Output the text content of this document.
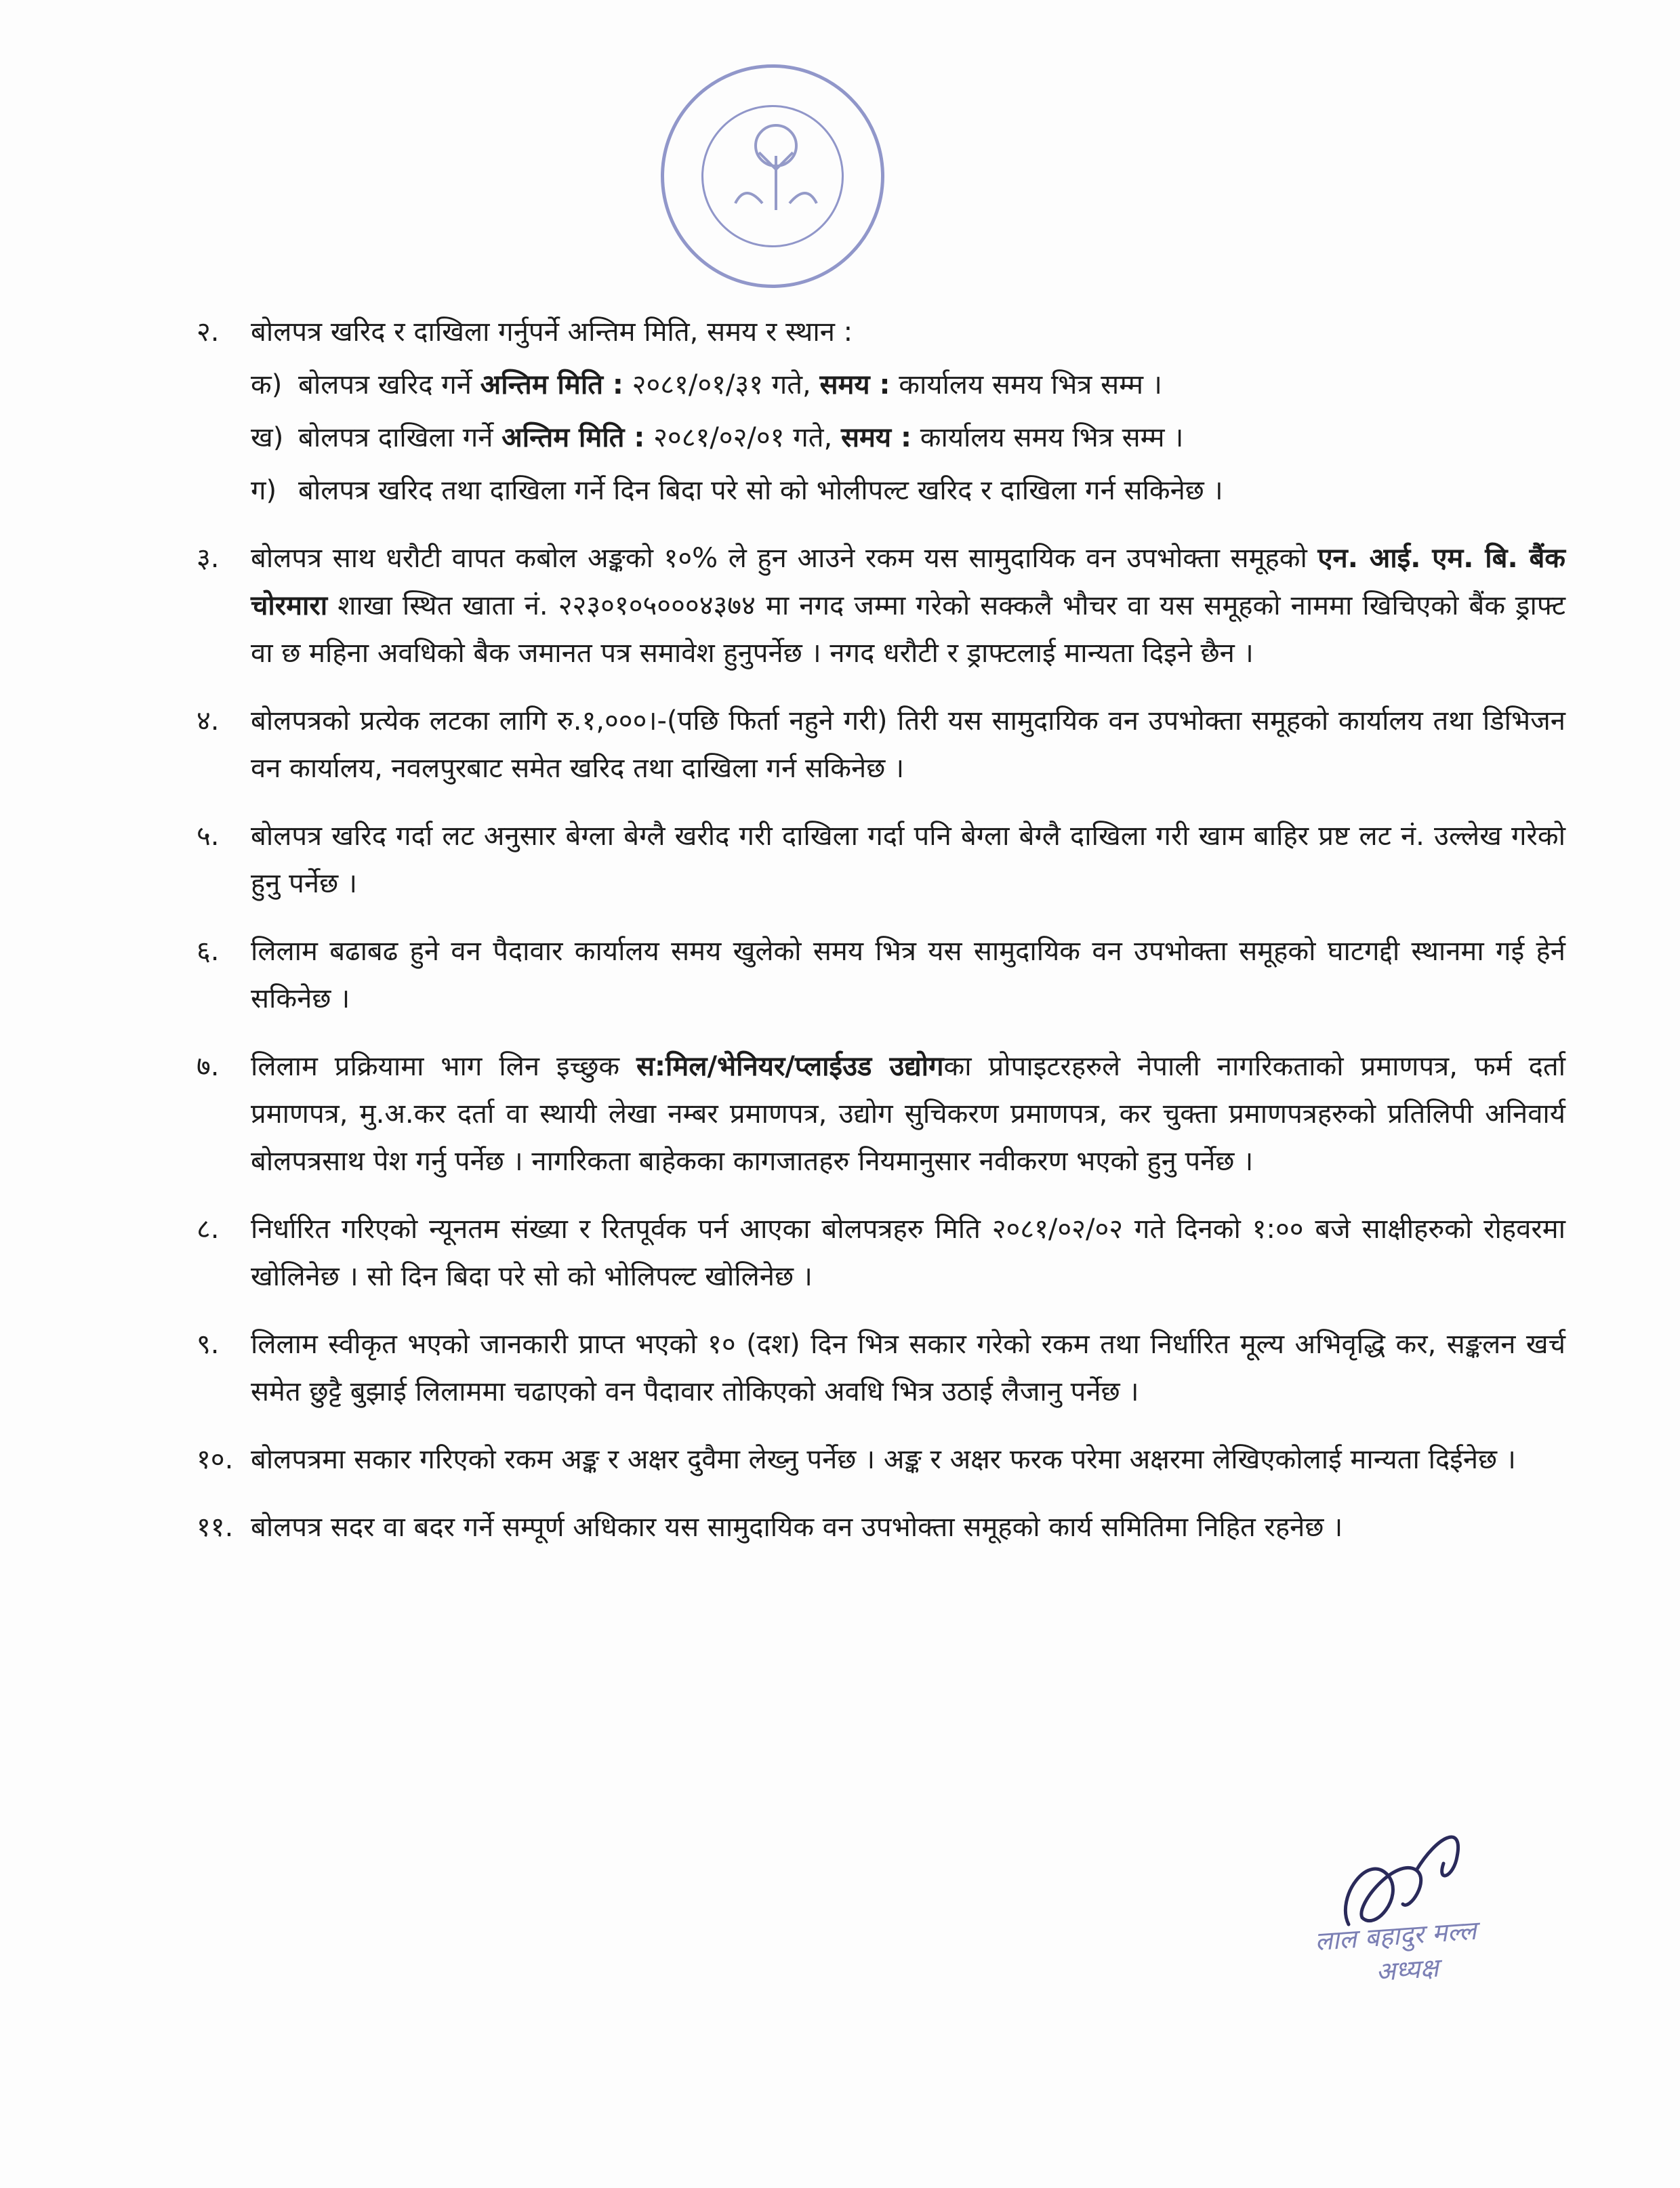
२.	बोलपत्र खरिद र दाखिला गर्नुपर्ने अन्तिम मिति, समय र स्थान :
क) बोलपत्र खरिद गर्ने अन्तिम मिति : २०८१/०१/३१ गते, समय : कार्यालय समय भित्र सम्म ।
ख) बोलपत्र दाखिला गर्ने अन्तिम मिति : २०८१/०२/०१ गते, समय : कार्यालय समय भित्र सम्म ।
ग) बोलपत्र खरिद तथा दाखिला गर्ने दिन बिदा परे सो को भोलीपल्ट खरिद र दाखिला गर्न सकिनेछ ।
३.	बोलपत्र साथ धरौटी वापत कबोल अङ्कको १०% ले हुन आउने रकम यस सामुदायिक वन उपभोक्ता समूहको एन. आई. एम. बि. बैंक चोरमारा शाखा स्थित खाता नं. २२३०१०५०००४३७४ मा नगद जम्मा गरेको सक्कलै भौचर वा यस समूहको नाममा खिचिएको बैंक ड्राफ्ट वा छ महिना अवधिको बैक जमानत पत्र समावेश हुनुपर्नेछ । नगद धरौटी र ड्राफ्टलाई मान्यता दिइने छैन ।
४.	बोलपत्रको प्रत्येक लटका लागि रु.१,०००।-(पछि फिर्ता नहुने गरी) तिरी यस सामुदायिक वन उपभोक्ता समूहको कार्यालय तथा डिभिजन वन कार्यालय, नवलपुरबाट समेत खरिद तथा दाखिला गर्न सकिनेछ ।
५.	बोलपत्र खरिद गर्दा लट अनुसार बेग्ला बेग्लै खरीद गरी दाखिला गर्दा पनि बेग्ला बेग्लै दाखिला गरी खाम बाहिर प्रष्ट लट नं. उल्लेख गरेको हुनु पर्नेछ ।
६.	लिलाम बढाबढ हुने वन पैदावार कार्यालय समय खुलेको समय भित्र यस सामुदायिक वन उपभोक्ता समूहको घाटगद्दी स्थानमा गई हेर्न सकिनेछ ।
७.	लिलाम प्रक्रियामा भाग लिन इच्छुक स:मिल/भेनियर/प्लाईउड उद्योगका प्रोपाइटरहरुले नेपाली नागरिकताको प्रमाणपत्र, फर्म दर्ता प्रमाणपत्र, मु.अ.कर दर्ता वा स्थायी लेखा नम्बर प्रमाणपत्र, उद्योग सुचिकरण प्रमाणपत्र, कर चुक्ता प्रमाणपत्रहरुको प्रतिलिपी अनिवार्य बोलपत्रसाथ पेश गर्नु पर्नेछ । नागरिकता बाहेकका कागजातहरु नियमानुसार नवीकरण भएको हुनु पर्नेछ ।
८.	निर्धारित गरिएको न्यूनतम संख्या र रितपूर्वक पर्न आएका बोलपत्रहरु मिति २०८१/०२/०२ गते दिनको १:०० बजे साक्षीहरुको रोहवरमा खोलिनेछ । सो दिन बिदा परे सो को भोलिपल्ट खोलिनेछ ।
९.	लिलाम स्वीकृत भएको जानकारी प्राप्त भएको १० (दश) दिन भित्र सकार गरेको रकम तथा निर्धारित मूल्य अभिवृद्धि कर, सङ्कलन खर्च समेत छुट्टै बुझाई लिलाममा चढाएको वन पैदावार तोकिएको अवधि भित्र उठाई लैजानु पर्नेछ ।
१०. बोलपत्रमा सकार गरिएको रकम अङ्क र अक्षर दुवैमा लेख्नु पर्नेछ । अङ्क र अक्षर फरक परेमा अक्षरमा लेखिएकोलाई मान्यता दिईनेछ ।
११. बोलपत्र सदर वा बदर गर्ने सम्पूर्ण अधिकार यस सामुदायिक वन उपभोक्ता समूहको कार्य समितिमा निहित रहनेछ ।
लाल बहादुर मल्ल
अध्यक्ष
